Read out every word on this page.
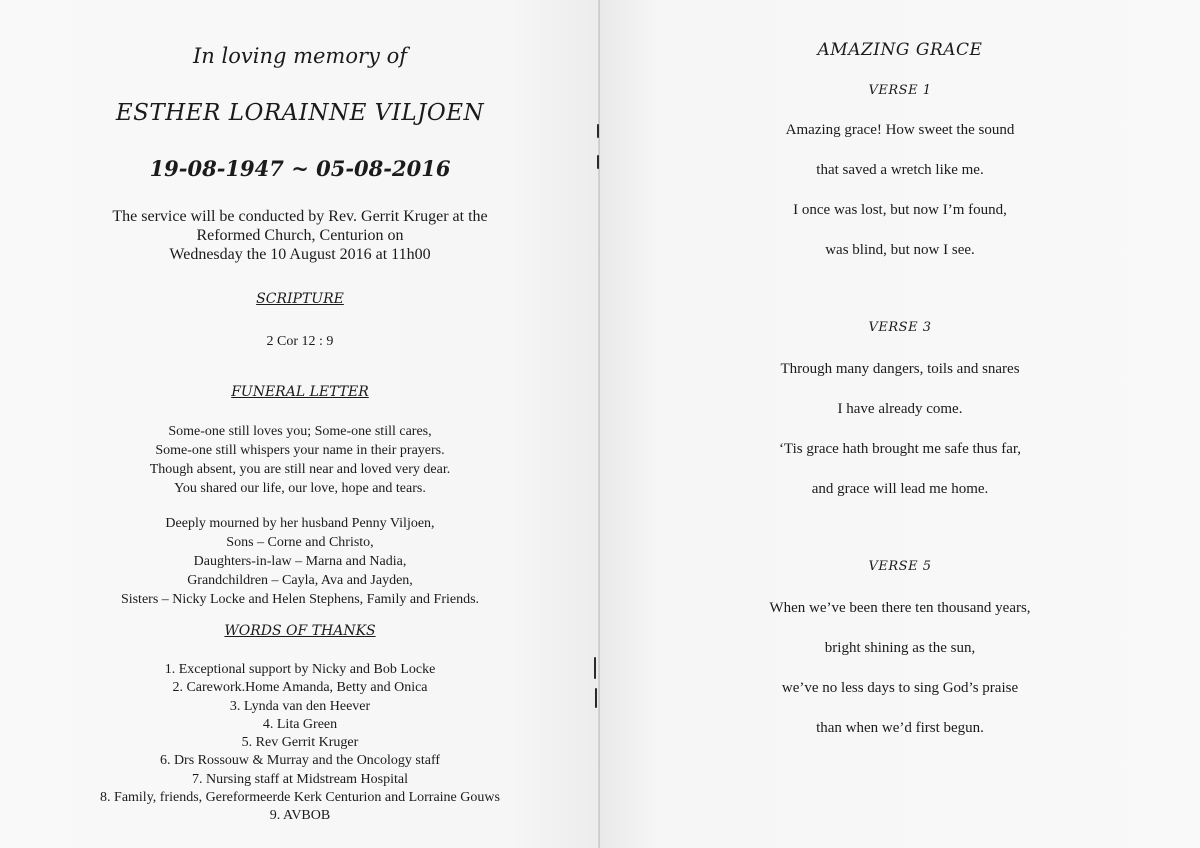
In loving memory of
ESTHER LORAINNE VILJOEN
19-08-1947 ~ 05-08-2016
The service will be conducted by Rev. Gerrit Kruger at the
Reformed Church, Centurion on
Wednesday the 10 August 2016 at 11h00
SCRIPTURE
2 Cor 12 : 9
FUNERAL LETTER
Some-one still loves you; Some-one still cares,
Some-one still whispers your name in their prayers.
Though absent, you are still near and loved very dear.
You shared our life, our love, hope and tears.
Deeply mourned by her husband Penny Viljoen,
Sons – Corne and Christo,
Daughters-in-law – Marna and Nadia,
Grandchildren – Cayla, Ava and Jayden,
Sisters – Nicky Locke and Helen Stephens, Family and Friends.
WORDS OF THANKS
1. Exceptional support by Nicky and Bob Locke
2. Carework.Home Amanda, Betty and Onica
3. Lynda van den Heever
4. Lita Green
5. Rev Gerrit Kruger
6. Drs Rossouw & Murray and the Oncology staff
7. Nursing staff at Midstream Hospital
8. Family, friends, Gereformeerde Kerk Centurion and Lorraine Gouws
9. AVBOB
AMAZING GRACE
VERSE 1
Amazing grace! How sweet the sound
that saved a wretch like me.
I once was lost, but now I’m found,
was blind, but now I see.
VERSE 3
Through many dangers, toils and snares
I have already come.
‘Tis grace hath brought me safe thus far,
and grace will lead me home.
VERSE 5
When we’ve been there ten thousand years,
bright shining as the sun,
we’ve no less days to sing God’s praise
than when we’d first begun.
